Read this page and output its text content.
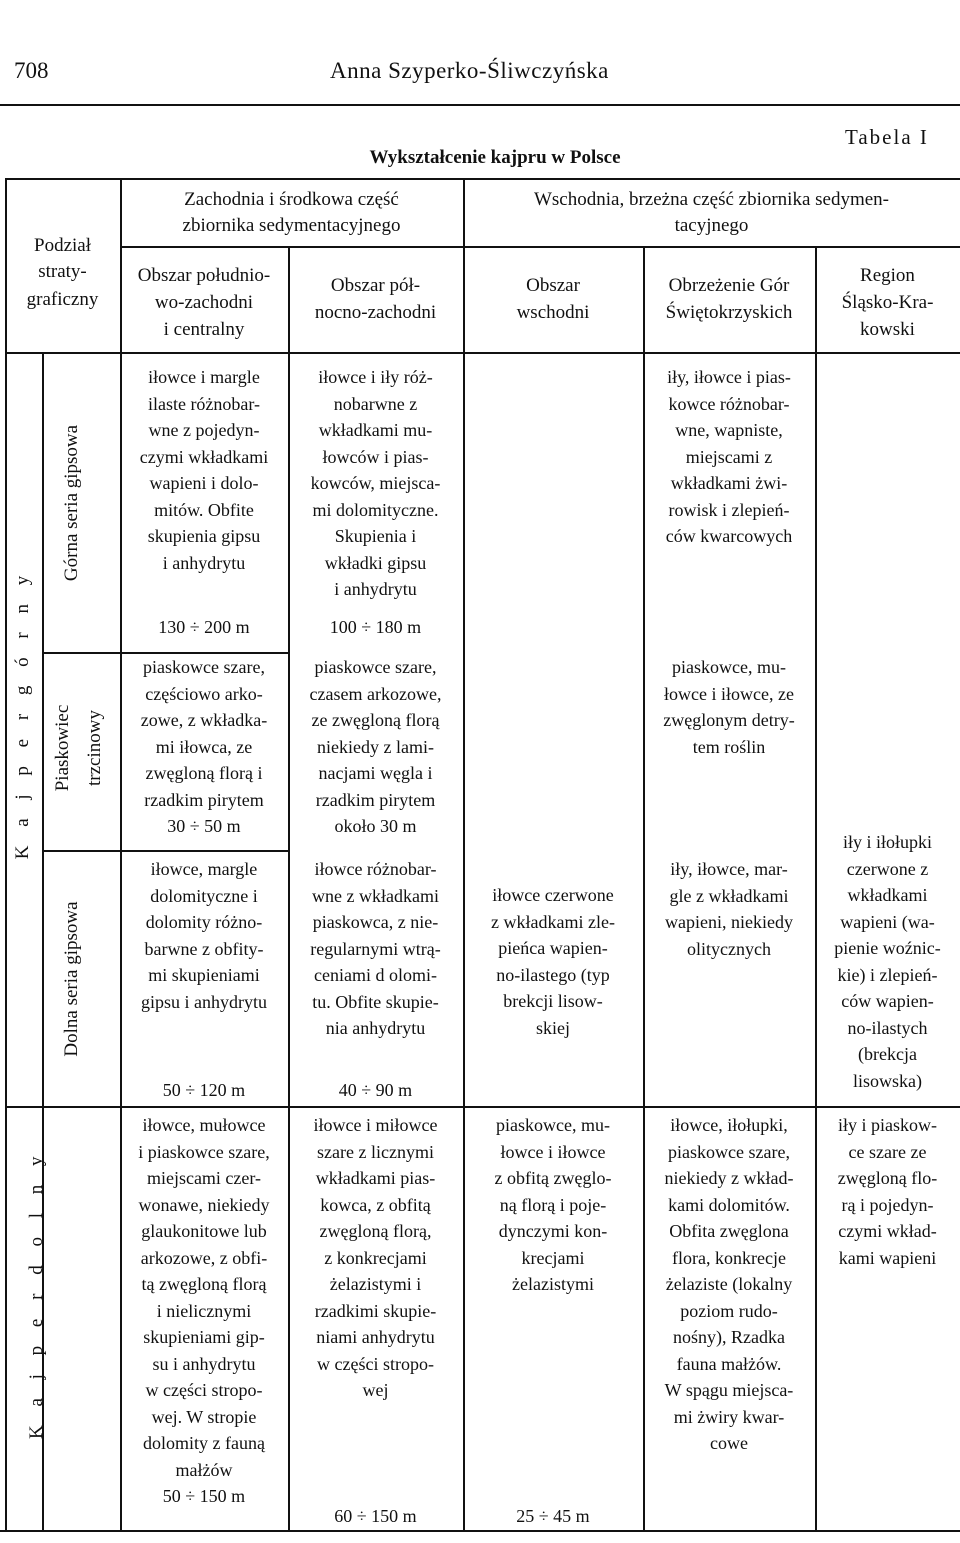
708	Anna Szyperko-Śliwczyńska
Tabela I
Wykształcenie kajpru w Polsce
Podział
straty-
graficzny
Zachodnia i środkowa część
zbiornika sedymentacyjnego
Wschodnia, brzeżna część zbiornika sedymen-
tacyjnego
Obszar południo-
wo-zachodni
i centralny
Obszar pół-
nocno-zachodni
Obszar
wschodni
Obrzeżenie Gór
Świętokrzyskich
Region
Śląsko-Kra-
kowski
K a j p e r g ó r n y
Górna seria gipsowa
Piaskowiec trzcinowy
Dolna seria gipsowa
K a j p e r d o l n y
iłowce i margle
ilaste różnobar-
wne z pojedyn-
czymi wkładkami
wapieni i dolo-
mitów. Obfite
skupienia gipsu
i anhydrytu
130 ÷ 200 m
iłowce i iły róż-
nobarwne z
wkładkami mu-
łowców i pias-
kowców, miejsca-
mi dolomityczne.
Skupienia i
wkładki gipsu
i anhydrytu
100 ÷ 180 m
iły, iłowce i pias-
kowce różnobar-
wne, wapniste,
miejscami z
wkładkami żwi-
rowisk i zlepień-
ców kwarcowych
piaskowce szare,
częściowo arko-
zowe, z wkładka-
mi iłowca, ze
zwęgloną florą i
rzadkim pirytem
30 ÷ 50 m
piaskowce szare,
czasem arkozowe,
ze zwęgloną florą
niekiedy z lami-
nacjami węgla i
rzadkim pirytem
około 30 m
piaskowce, mu-
łowce i iłowce, ze
zwęglonym detry-
tem roślin
iłowce, margle
dolomityczne i
dolomity różno-
barwne z obfity-
mi skupieniami
gipsu i anhydrytu
50 ÷ 120 m
iłowce różnobar-
wne z wkładkami
piaskowca, z nie-
regularnymi wtrą-
ceniami d olomi-
tu. Obfite skupie-
nia anhydrytu
40 ÷ 90 m
iłowce czerwone
z wkładkami zle-
pieńca wapien-
no-ilastego (typ
brekcji lisow-
skiej
iły, iłowce, mar-
gle z wkładkami
wapieni, niekiedy
olitycznych
iły i iłołupki
czerwone z
wkładkami
wapieni (wa-
pienie woźnic-
kie) i zlepień-
ców wapien-
no-ilastych
(brekcja
lisowska)
iłowce, mułowce
i piaskowce szare,
miejscami czer-
wonawe, niekiedy
glaukonitowe lub
arkozowe, z obfi-
tą zwęgloną florą
i nielicznymi
skupieniami gip-
su i anhydrytu
w części stropo-
wej. W stropie
dolomity z fauną
małżów
50 ÷ 150 m
iłowce i miłowce
szare z licznymi
wkładkami pias-
kowca, z obfitą
zwęgloną florą,
z konkrecjami
żelazistymi i
rzadkimi skupie-
niami anhydrytu
w części stropo-
wej
60 ÷ 150 m
piaskowce, mu-
łowce i iłowce
z obfitą zwęglo-
ną florą i poje-
dynczymi kon-
krecjami
żelazistymi
25 ÷ 45 m
iłowce, iłołupki,
piaskowce szare,
niekiedy z wkład-
kami dolomitów.
Obfita zwęglona
flora, konkrecje
żelaziste (lokalny
poziom rudo-
nośny), Rzadka
fauna małżów.
W spągu miejsca-
mi żwiry kwar-
cowe
iły i piaskow-
ce szare ze
zwęgloną flo-
rą i pojedyn-
czymi wkład-
kami wapieni
